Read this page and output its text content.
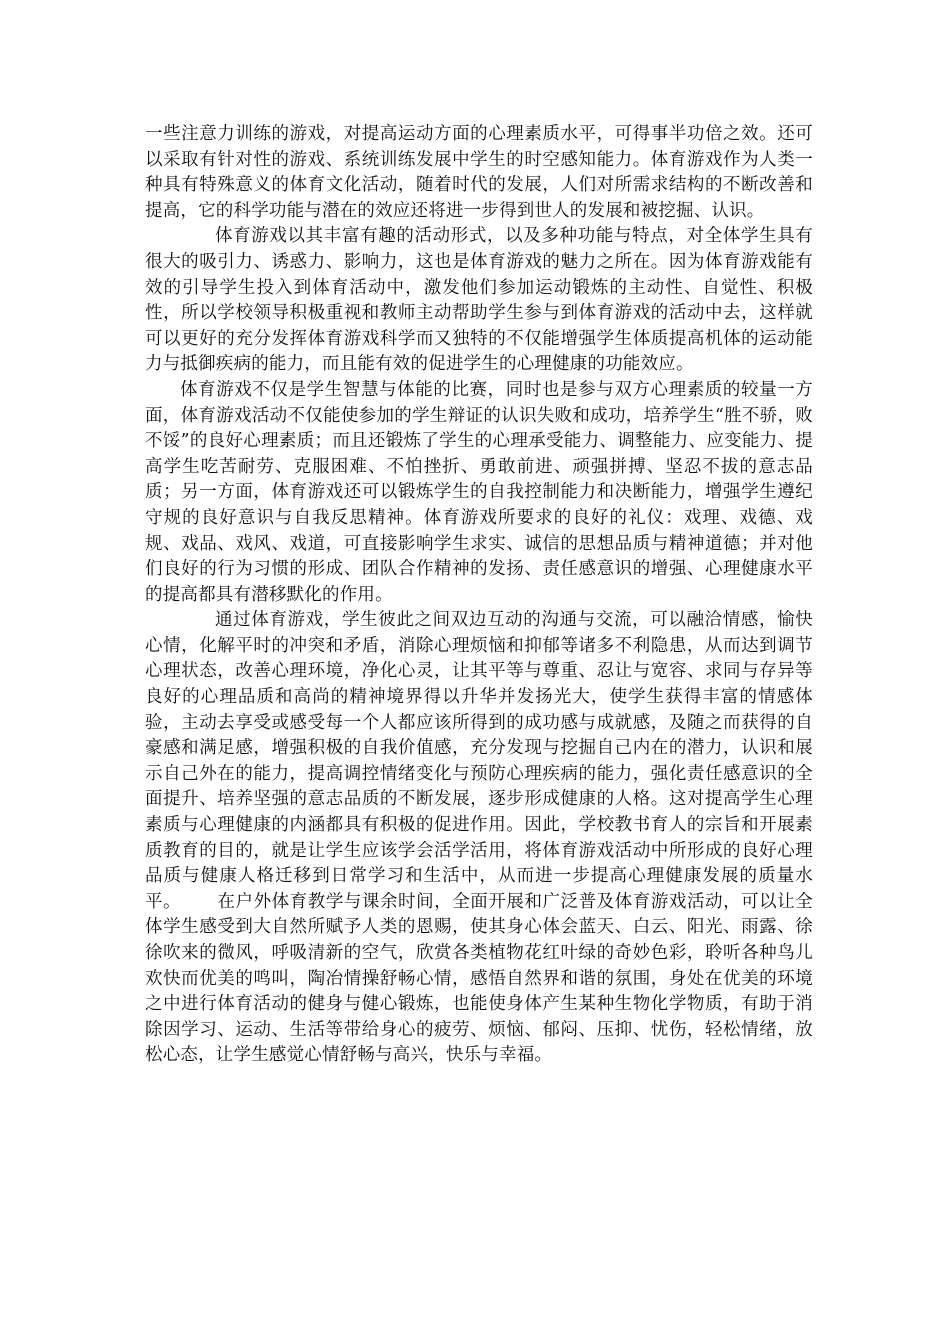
一些注意力训练的游戏，对提高运动方面的心理素质水平，可得事半功倍之效。还可以采取有针对性的游戏、系统训练发展中学生的时空感知能力。体育游戏作为人类一种具有特殊意义的体育文化活动，随着时代的发展，人们对所需求结构的不断改善和提高，它的科学功能与潜在的效应还将进一步得到世人的发展和被挖掘、认识。

体育游戏以其丰富有趣的活动形式，以及多种功能与特点，对全体学生具有很大的吸引力、诱惑力、影响力，这也是体育游戏的魅力之所在。因为体育游戏能有效的引导学生投入到体育活动中，激发他们参加运动锻炼的主动性、自觉性、积极性，所以学校领导积极重视和教师主动帮助学生参与到体育游戏的活动中去，这样就可以更好的充分发挥体育游戏科学而又独特的不仅能增强学生体质提高机体的运动能力与抵御疾病的能力，而且能有效的促进学生的心理健康的功能效应。

体育游戏不仅是学生智慧与体能的比赛，同时也是参与双方心理素质的较量一方面，体育游戏活动不仅能使参加的学生辩证的认识失败和成功，培养学生“胜不骄，败不馁”的良好心理素质；而且还锻炼了学生的心理承受能力、调整能力、应变能力、提高学生吃苦耐劳、克服困难、不怕挫折、勇敢前进、顽强拼搏、坚忍不拔的意志品质；另一方面，体育游戏还可以锻炼学生的自我控制能力和决断能力，增强学生遵纪守规的良好意识与自我反思精神。体育游戏所要求的良好的礼仪：戏理、戏德、戏规、戏品、戏风、戏道，可直接影响学生求实、诚信的思想品质与精神道德；并对他们良好的行为习惯的形成、团队合作精神的发扬、责任感意识的增强、心理健康水平的提高都具有潜移默化的作用。

通过体育游戏，学生彼此之间双边互动的沟通与交流，可以融洽情感，愉快心情，化解平时的冲突和矛盾，消除心理烦恼和抑郁等诸多不利隐患，从而达到调节心理状态，改善心理环境，净化心灵，让其平等与尊重、忍让与宽容、求同与存异等良好的心理品质和高尚的精神境界得以升华并发扬光大，使学生获得丰富的情感体验，主动去享受或感受每一个人都应该所得到的成功感与成就感，及随之而获得的自豪感和满足感，增强积极的自我价值感，充分发现与挖掘自己内在的潜力，认识和展示自己外在的能力，提高调控情绪变化与预防心理疾病的能力，强化责任感意识的全面提升、培养坚强的意志品质的不断发展，逐步形成健康的人格。这对提高学生心理素质与心理健康的内涵都具有积极的促进作用。因此，学校教书育人的宗旨和开展素质教育的目的，就是让学生应该学会活学活用，将体育游戏活动中所形成的良好心理品质与健康人格迁移到日常学习和生活中，从而进一步提高心理健康发展的质量水平。 在户外体育教学与课余时间，全面开展和广泛普及体育游戏活动，可以让全体学生感受到大自然所赋予人类的恩赐，使其身心体会蓝天、白云、阳光、雨露、徐徐吹来的微风，呼吸清新的空气，欣赏各类植物花红叶绿的奇妙色彩，聆听各种鸟儿欢快而优美的鸣叫，陶冶情操舒畅心情，感悟自然界和谐的氛围，身处在优美的环境之中进行体育活动的健身与健心锻炼，也能使身体产生某种生物化学物质，有助于消除因学习、运动、生活等带给身心的疲劳、烦恼、郁闷、压抑、忧伤，轻松情绪，放松心态，让学生感觉心情舒畅与高兴，快乐与幸福。
